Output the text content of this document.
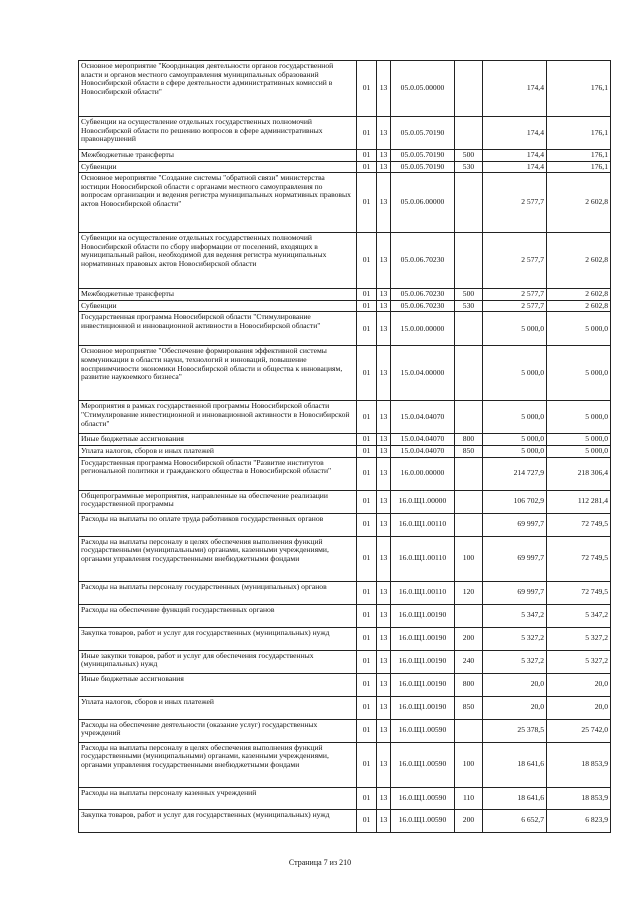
Основное мероприятие "Координация деятельности органов государственной власти и органов местного самоуправления муниципальных образований Новосибирской области в сфере деятельности административных комиссий в Новосибирской области"	01	13	05.0.05.00000		174,4	176,1
Субвенции на осуществление отдельных государственных полномочий Новосибирской области по решению вопросов в сфере административных правонарушений	01	13	05.0.05.70190		174,4	176,1
Межбюджетные трансферты	01	13	05.0.05.70190	500	174,4	176,1
Субвенции	01	13	05.0.05.70190	530	174,4	176,1
Основное мероприятие "Создание системы "обратной связи" министерства юстиции Новосибирской области с органами местного самоуправления по вопросам организации и ведения регистра муниципальных нормативных правовых актов Новосибирской области"	01	13	05.0.06.00000		2 577,7	2 602,8
Субвенции на осуществление отдельных государственных полномочий Новосибирской области по сбору информации от поселений, входящих в муниципальный район, необходимой для ведения регистра муниципальных нормативных правовых актов Новосибирской области	01	13	05.0.06.70230		2 577,7	2 602,8
Межбюджетные трансферты	01	13	05.0.06.70230	500	2 577,7	2 602,8
Субвенции	01	13	05.0.06.70230	530	2 577,7	2 602,8
Государственная программа Новосибирской области "Стимулирование инвестиционной и инновационной активности в Новосибирской области"	01	13	15.0.00.00000		5 000,0	5 000,0
Основное мероприятие "Обеспечение формирования эффективной системы коммуникации в области науки, технологий и инноваций, повышение восприимчивости экономики Новосибирской области и общества к инновациям, развитие наукоемкого бизнеса"	01	13	15.0.04.00000		5 000,0	5 000,0
Мероприятия в рамках государственной программы Новосибирской области "Стимулирование инвестиционной и инновационной активности в Новосибирской области"	01	13	15.0.04.04070		5 000,0	5 000,0
Иные бюджетные ассигнования	01	13	15.0.04.04070	800	5 000,0	5 000,0
Уплата налогов, сборов и иных платежей	01	13	15.0.04.04070	850	5 000,0	5 000,0
Государственная программа Новосибирской области "Развитие институтов региональной политики и гражданского общества в Новосибирской области"	01	13	16.0.00.00000		214 727,9	218 306,4
Общепрограммные мероприятия, направленные на обеспечение реализации государственной программы	01	13	16.0.Щ1.00000		106 702,9	112 281,4
Расходы на выплаты по оплате труда работников государственных органов	01	13	16.0.Щ1.00110		69 997,7	72 749,5
Расходы на выплаты персоналу в целях обеспечения выполнения функций государственными (муниципальными) органами, казенными учреждениями, органами управления государственными внебюджетными фондами	01	13	16.0.Щ1.00110	100	69 997,7	72 749,5
Расходы на выплаты персоналу государственных (муниципальных) органов	01	13	16.0.Щ1.00110	120	69 997,7	72 749,5
Расходы на обеспечение функций государственных органов	01	13	16.0.Щ1.00190		5 347,2	5 347,2
Закупка товаров, работ и услуг для государственных (муниципальных) нужд	01	13	16.0.Щ1.00190	200	5 327,2	5 327,2
Иные закупки товаров, работ и услуг для обеспечения государственных (муниципальных) нужд	01	13	16.0.Щ1.00190	240	5 327,2	5 327,2
Иные бюджетные ассигнования	01	13	16.0.Щ1.00190	800	20,0	20,0
Уплата налогов, сборов и иных платежей	01	13	16.0.Щ1.00190	850	20,0	20,0
Расходы на обеспечение деятельности (оказание услуг) государственных учреждений	01	13	16.0.Щ1.00590		25 378,5	25 742,0
Расходы на выплаты персоналу в целях обеспечения выполнения функций государственными (муниципальными) органами, казенными учреждениями, органами управления государственными внебюджетными фондами	01	13	16.0.Щ1.00590	100	18 641,6	18 853,9
Расходы на выплаты персоналу казенных учреждений	01	13	16.0.Щ1.00590	110	18 641,6	18 853,9
Закупка товаров, работ и услуг для государственных (муниципальных) нужд	01	13	16.0.Щ1.00590	200	6 652,7	6 823,9
Страница 7 из 210
